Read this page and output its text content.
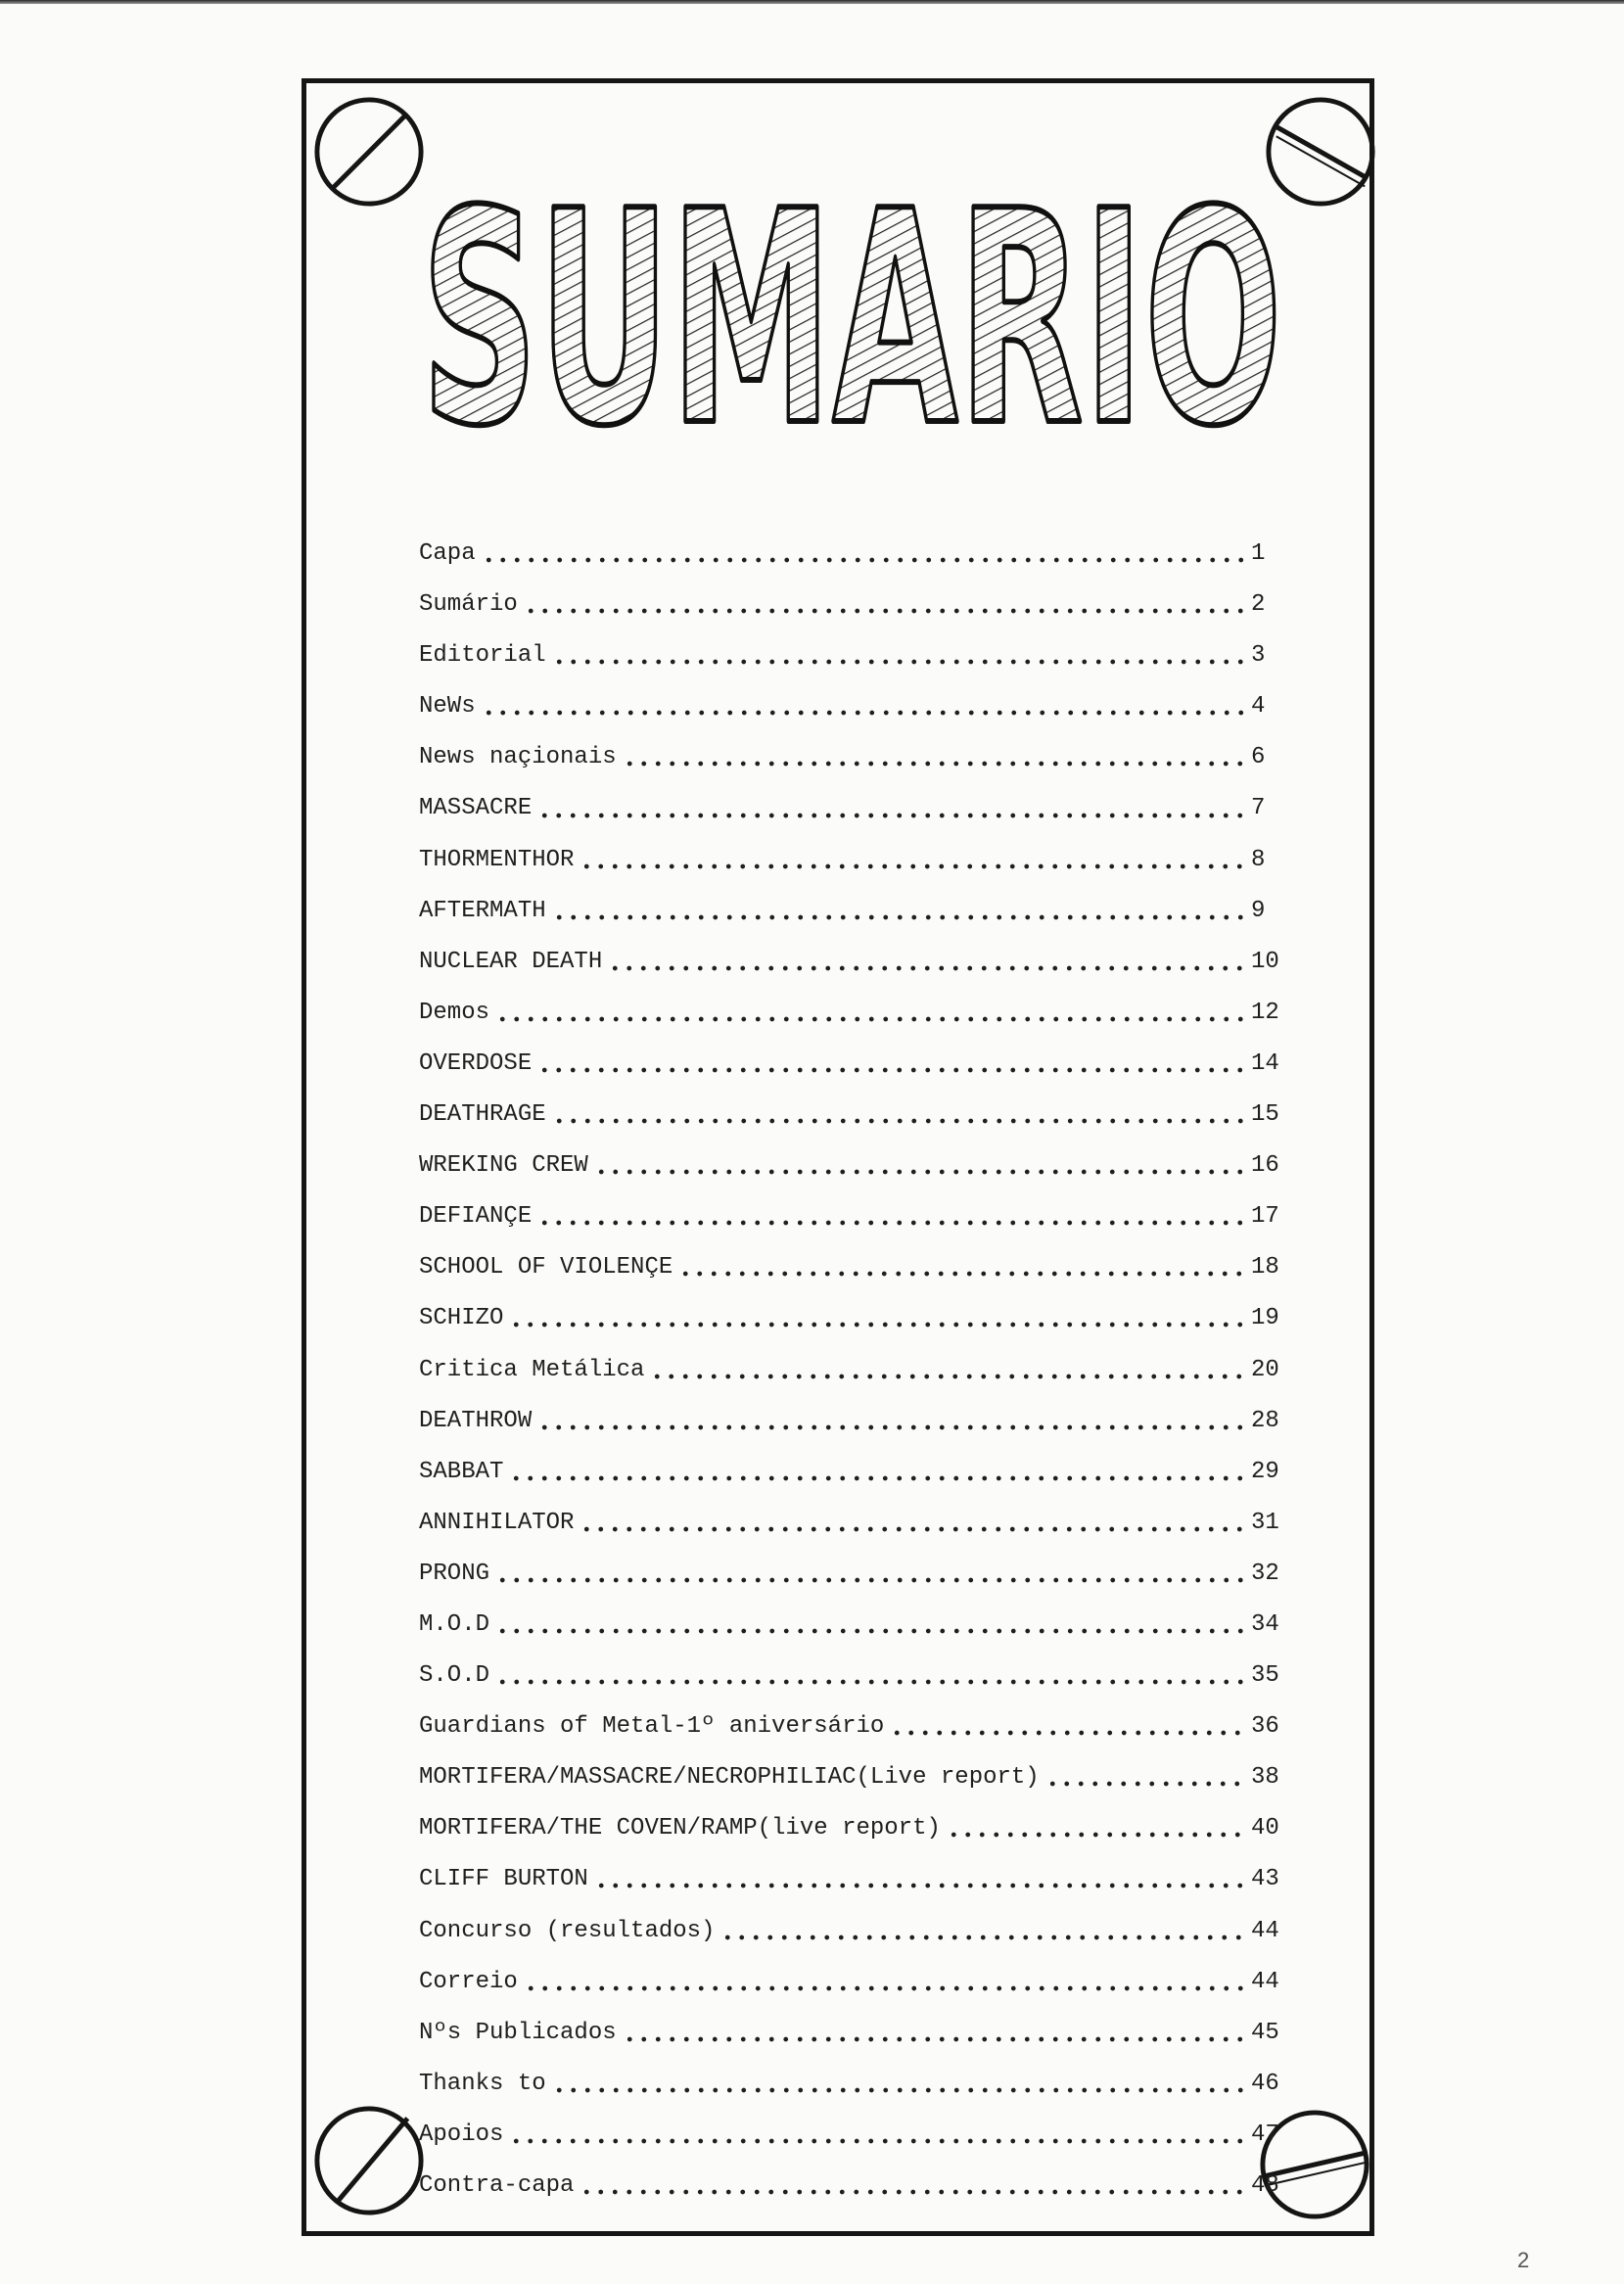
SUMARIO
Capa	1
Sumário	2
Editorial	3
NeWs	4
News naçionais	6
MASSACRE	7
THORMENTHOR	8
AFTERMATH	9
NUCLEAR DEATH	10
Demos	12
OVERDOSE	14
DEATHRAGE	15
WREKING CREW	16
DEFIANÇE	17
SCHOOL OF VIOLENÇE	18
SCHIZO	19
Critica Metálica	20
DEATHROW	28
SABBAT	29
ANNIHILATOR	31
PRONG	32
M.O.D	34
S.O.D	35
Guardians of Metal-1º aniversário	36
MORTIFERA/MASSACRE/NECROPHILIAC(Live report)	38
MORTIFERA/THE COVEN/RAMP(live report)	40
CLIFF BURTON	43
Concurso (resultados)	44
Correio	44
Nºs Publicados	45
Thanks to	46
Apoios	47
Contra-capa	48
2
